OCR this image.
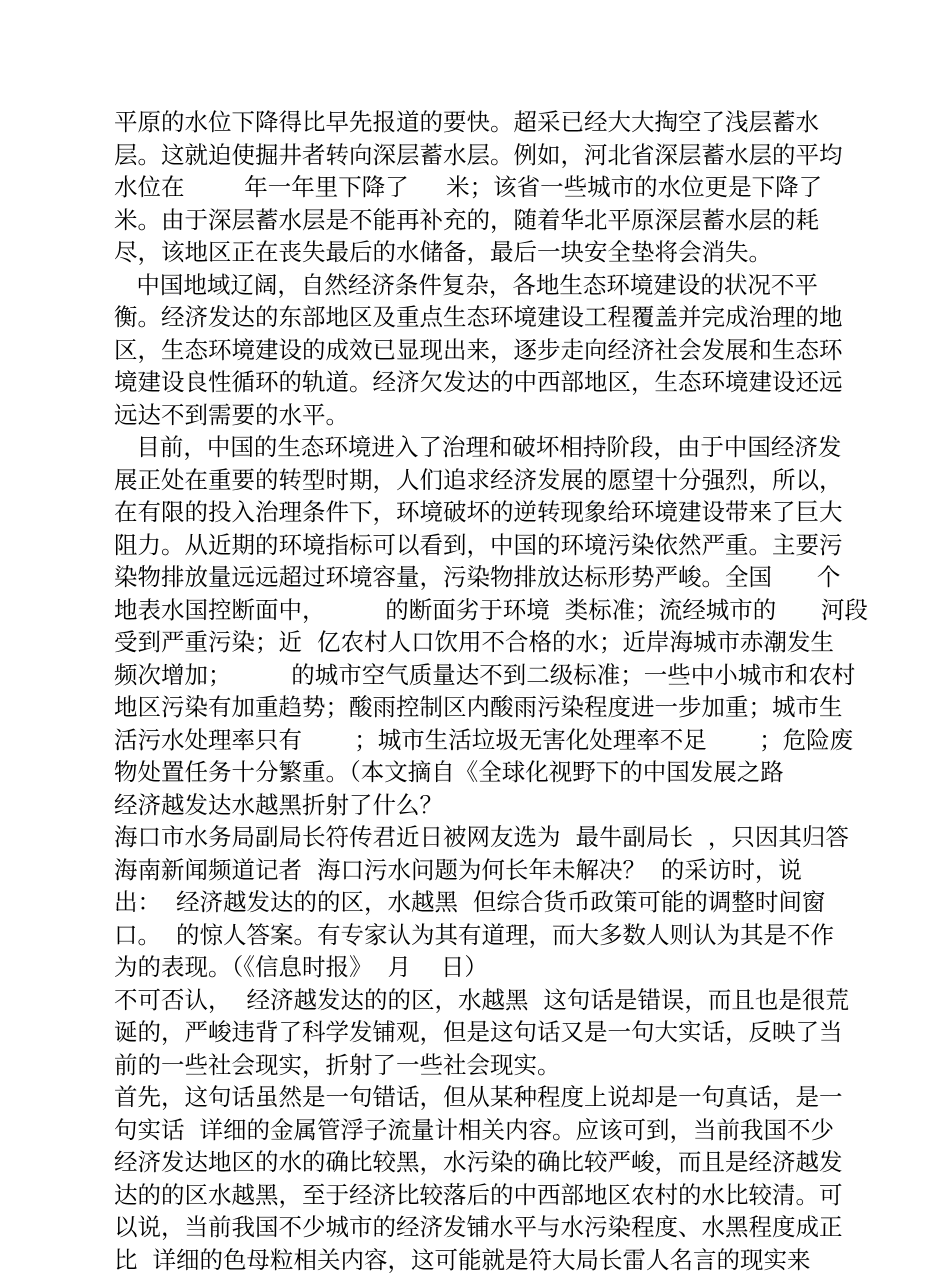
平原的水位下降得比早先报道的要快。超采已经大大掏空了浅层蓄水
层。这就迫使掘井者转向深层蓄水层。例如，河北省深层蓄水层的平均
水位在        年一年里下降了     米；该省一些城市的水位更是下降了
米。由于深层蓄水层是不能再补充的，随着华北平原深层蓄水层的耗
尽，该地区正在丧失最后的水储备，最后一块安全垫将会消失。
中国地域辽阔，自然经济条件复杂，各地生态环境建设的状况不平
衡。经济发达的东部地区及重点生态环境建设工程覆盖并完成治理的地
区，生态环境建设的成效已显现出来，逐步走向经济社会发展和生态环
境建设良性循环的轨道。经济欠发达的中西部地区，生态环境建设还远
远达不到需要的水平。
目前，中国的生态环境进入了治理和破坏相持阶段，由于中国经济发
展正处在重要的转型时期，人们追求经济发展的愿望十分强烈，所以，
在有限的投入治理条件下，环境破坏的逆转现象给环境建设带来了巨大
阻力。从近期的环境指标可以看到，中国的环境污染依然严重。主要污
染物排放量远远超过环境容量，污染物排放达标形势严峻。全国      个
地表水国控断面中，        的断面劣于环境  类标准；流经城市的      河段
受到严重污染；近  亿农村人口饮用不合格的水；近岸海城市赤潮发生
频次增加；        的城市空气质量达不到二级标准；一些中小城市和农村
地区污染有加重趋势；酸雨控制区内酸雨污染程度进一步加重；城市生
活污水处理率只有       ；城市生活垃圾无害化处理率不足       ；危险废
物处置任务十分繁重。（本文摘自《全球化视野下的中国发展之路
经济越发达水越黑折射了什么？
海口市水务局副局长符传君近日被网友选为  最牛副局长  ，只因其归答
海南新闻频道记者  海口污水问题为何长年未解决？  的采访时，说
出：  经济越发达的的区，水越黑  但综合货币政策可能的调整时间窗
口。  的惊人答案。有专家认为其有道理，而大多数人则认为其是不作
为的表现。（《信息时报》  月    日）
不可否认，  经济越发达的的区，水越黑  这句话是错误，而且也是很荒
诞的，严峻违背了科学发铺观，但是这句话又是一句大实话，反映了当
前的一些社会现实，折射了一些社会现实。
首先，这句话虽然是一句错话，但从某种程度上说却是一句真话，是一
句实话  详细的金属管浮子流量计相关内容。应该可到，当前我国不少
经济发达地区的水的确比较黑，水污染的确比较严峻，而且是经济越发
达的的区水越黑，至于经济比较落后的中西部地区农村的水比较清。可
以说，当前我国不少城市的经济发铺水平与水污染程度、水黑程度成正
比  详细的色母粒相关内容，这可能就是符大局长雷人名言的现实来
